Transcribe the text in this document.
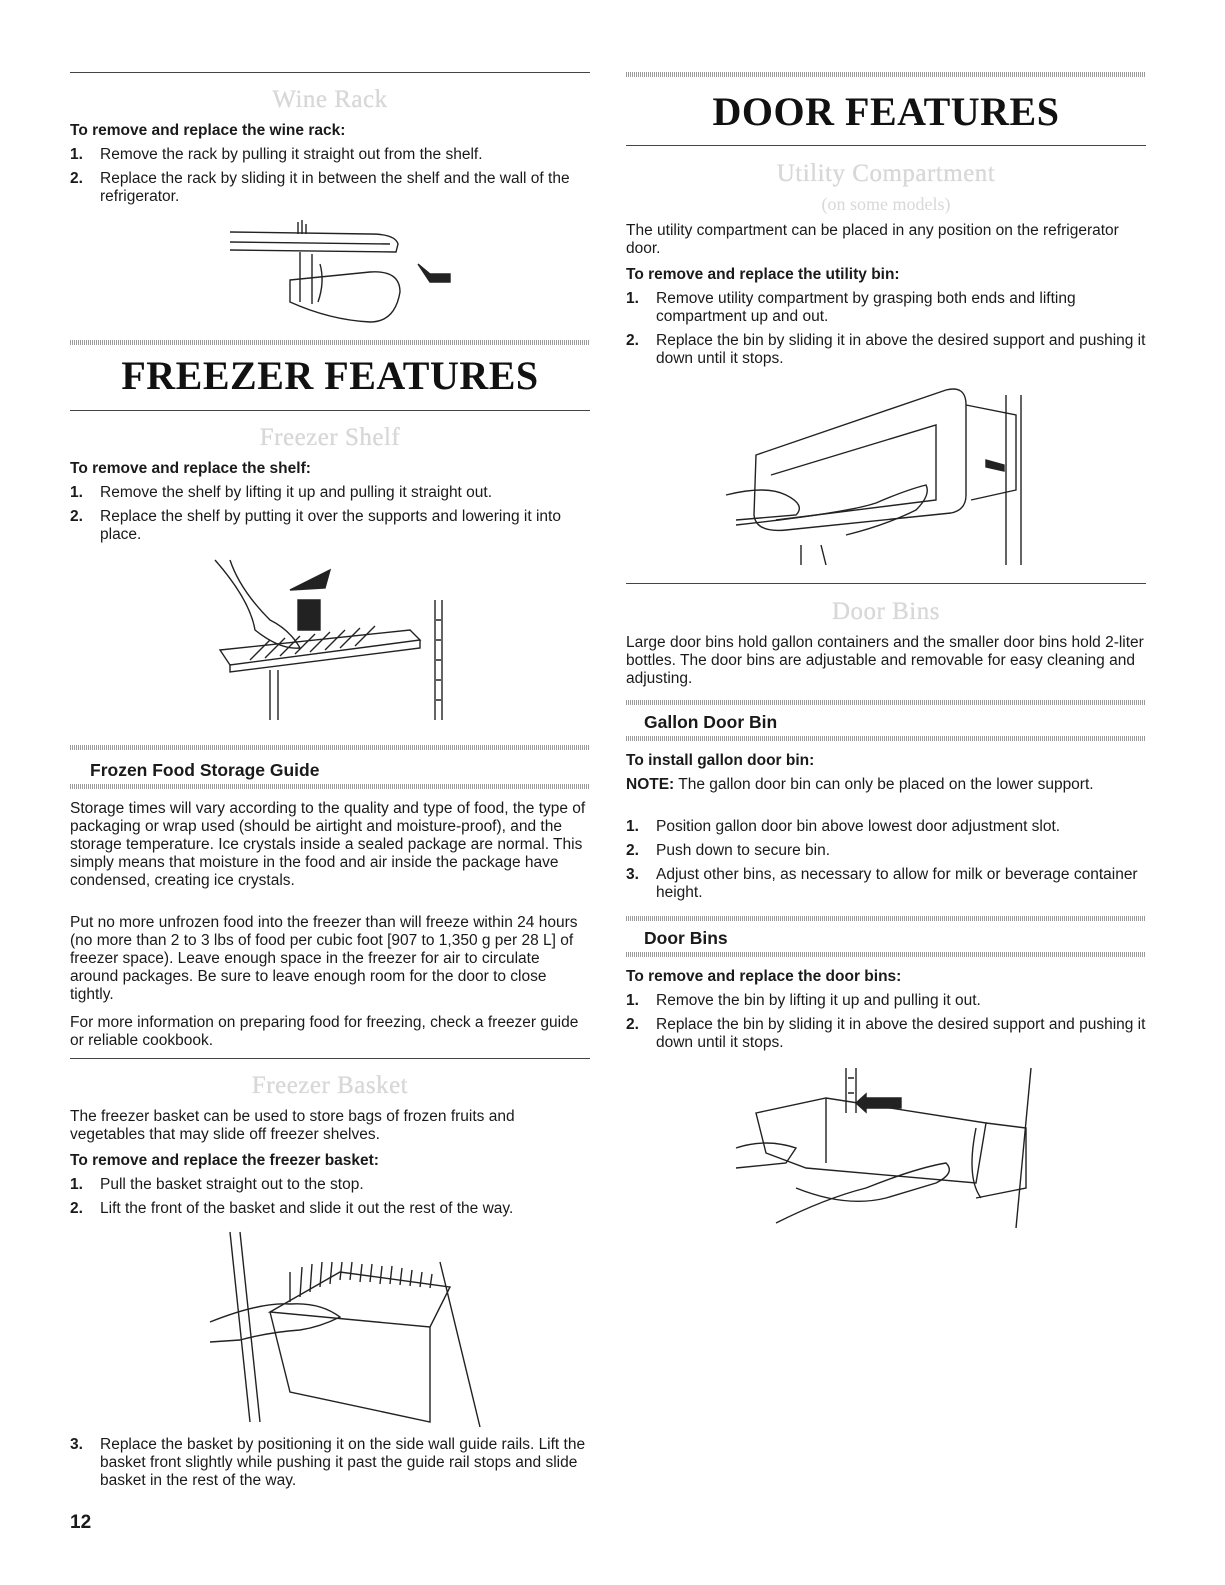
Wine Rack
To remove and replace the wine rack:
1. Remove the rack by pulling it straight out from the shelf.
2. Replace the rack by sliding it in between the shelf and the wall of the refrigerator.
FREEZER FEATURES
Freezer Shelf
To remove and replace the shelf:
1. Remove the shelf by lifting it up and pulling it straight out.
2. Replace the shelf by putting it over the supports and lowering it into place.
Frozen Food Storage Guide
Storage times will vary according to the quality and type of food, the type of packaging or wrap used (should be airtight and moisture-proof), and the storage temperature. Ice crystals inside a sealed package are normal. This simply means that moisture in the food and air inside the package have condensed, creating ice crystals.
Put no more unfrozen food into the freezer than will freeze within 24 hours (no more than 2 to 3 lbs of food per cubic foot [907 to 1,350 g per 28 L] of freezer space). Leave enough space in the freezer for air to circulate around packages. Be sure to leave enough room for the door to close tightly.
For more information on preparing food for freezing, check a freezer guide or reliable cookbook.
Freezer Basket
The freezer basket can be used to store bags of frozen fruits and vegetables that may slide off freezer shelves.
To remove and replace the freezer basket:
1. Pull the basket straight out to the stop.
2. Lift the front of the basket and slide it out the rest of the way.
3. Replace the basket by positioning it on the side wall guide rails. Lift the basket front slightly while pushing it past the guide rail stops and slide basket in the rest of the way.
DOOR FEATURES
Utility Compartment
(on some models)
The utility compartment can be placed in any position on the refrigerator door.
To remove and replace the utility bin:
1. Remove utility compartment by grasping both ends and lifting compartment up and out.
2. Replace the bin by sliding it in above the desired support and pushing it down until it stops.
Door Bins
Large door bins hold gallon containers and the smaller door bins hold 2-liter bottles. The door bins are adjustable and removable for easy cleaning and adjusting.
Gallon Door Bin
To install gallon door bin:
NOTE: The gallon door bin can only be placed on the lower support.
1. Position gallon door bin above lowest door adjustment slot.
2. Push down to secure bin.
3. Adjust other bins, as necessary to allow for milk or beverage container height.
Door Bins
To remove and replace the door bins:
1. Remove the bin by lifting it up and pulling it out.
2. Replace the bin by sliding it in above the desired support and pushing it down until it stops.
12
